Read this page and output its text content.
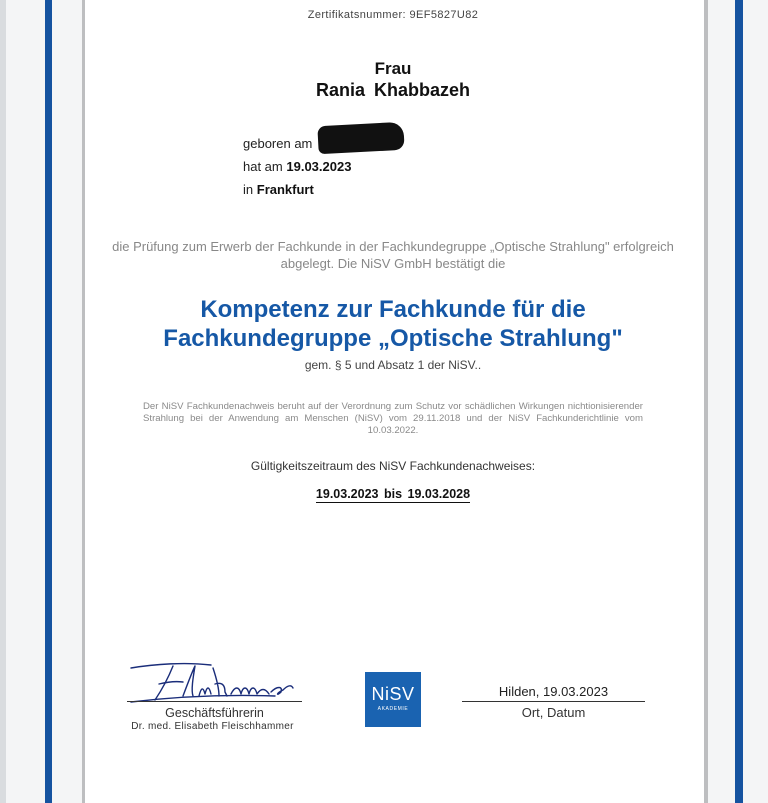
Zertifikatsnummer: 9EF5827U82
Frau
Rania Khabbazeh
geboren am
hat am 19.03.2023
in Frankfurt
die Prüfung zum Erwerb der Fachkunde in der Fachkundegruppe „Optische Strahlung" erfolgreich abgelegt. Die NiSV GmbH bestätigt die
Kompetenz zur Fachkunde für die
Fachkundegruppe „Optische Strahlung"
gem. § 5 und Absatz 1 der NiSV..
Der NiSV Fachkundenachweis beruht auf der Verordnung zum Schutz vor schädlichen Wirkungen nichtionisierender Strahlung bei der Anwendung am Menschen (NiSV) vom 29.11.2018 und der NiSV Fachkunderichtlinie vom 10.03.2022.
Gültigkeitszeitraum des NiSV Fachkundenachweises:
19.03.2023 bis 19.03.2028
Geschäftsführerin
Dr. med. Elisabeth Fleischhammer
NiSV
AKADEMIE
Hilden, 19.03.2023
Ort, Datum
